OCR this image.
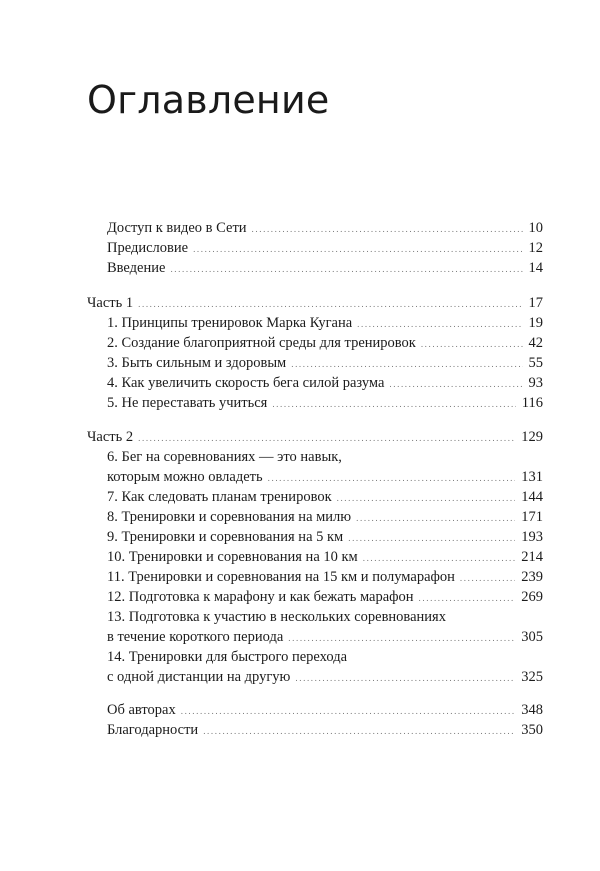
Оглавление
Доступ к видео в Сети .....	10
Предисловие .....	12
Введение .....	14
Часть 1 .....	17
1. Принципы тренировок Марка Кугана .....	19
2. Создание благоприятной среды для тренировок .....	42
3. Быть сильным и здоровым .....	55
4. Как увеличить скорость бега силой разума .....	93
5. Не переставать учиться .....	116
Часть 2 .....	129
6. Бег на соревнованиях — это навык,
которым можно овладеть .....	131
7. Как следовать планам тренировок .....	144
8. Тренировки и соревнования на милю .....	171
9. Тренировки и соревнования на 5 км .....	193
10. Тренировки и соревнования на 10 км .....	214
11. Тренировки и соревнования на 15 км и полумарафон .....	239
12. Подготовка к марафону и как бежать марафон .....	269
13. Подготовка к участию в нескольких соревнованиях
в течение короткого периода .....	305
14. Тренировки для быстрого перехода
с одной дистанции на другую .....	325
Об авторах .....	348
Благодарности .....	350
